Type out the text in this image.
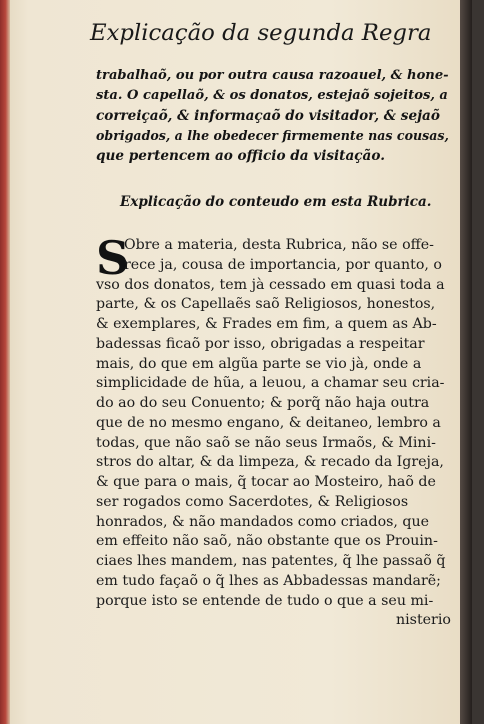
Explicação da segunda Regra
trabalhaõ, ou por outra causa razoauel, & hone-
sta. O capellaõ, & os donatos, estejaõ sojeitos, a
correiçaõ, & informaçaõ do visitador, & sejaõ
obrigados, a lhe obedecer firmemente nas cousas,
que pertencem ao officio da visitação.
Explicação do conteudo em esta Rubrica.
S
Obre a materia, desta Rubrica, não se offe-
rece ja, cousa de importancia, por quanto, o
vso dos donatos, tem jà cessado em quasi toda a
parte, & os Capellaẽs saõ Religiosos, honestos,
& exemplares, & Frades em fim, a quem as Ab-
badessas ficaõ por isso, obrigadas a respeitar
mais, do que em algũa parte se vio jà, onde a
simplicidade de hũa, a leuou, a chamar seu cria-
do ao do seu Conuento; & porq̃ não haja outra
que de no mesmo engano, & deitaneo, lembro a
todas, que não saõ se não seus Irmaõs, & Mini-
stros do altar, & da limpeza, & recado da Igreja,
& que para o mais, q̃ tocar ao Mosteiro, haõ de
ser rogados como Sacerdotes, & Religiosos
honrados, & não mandados como criados, que
em effeito não saõ, não obstante que os Prouin-
ciaes lhes mandem, nas patentes, q̃ lhe passaõ q̃
em tudo façaõ o q̃ lhes as Abbadessas mandarẽ;
porque isto se entende de tudo o que a seu mi-
nisterio
